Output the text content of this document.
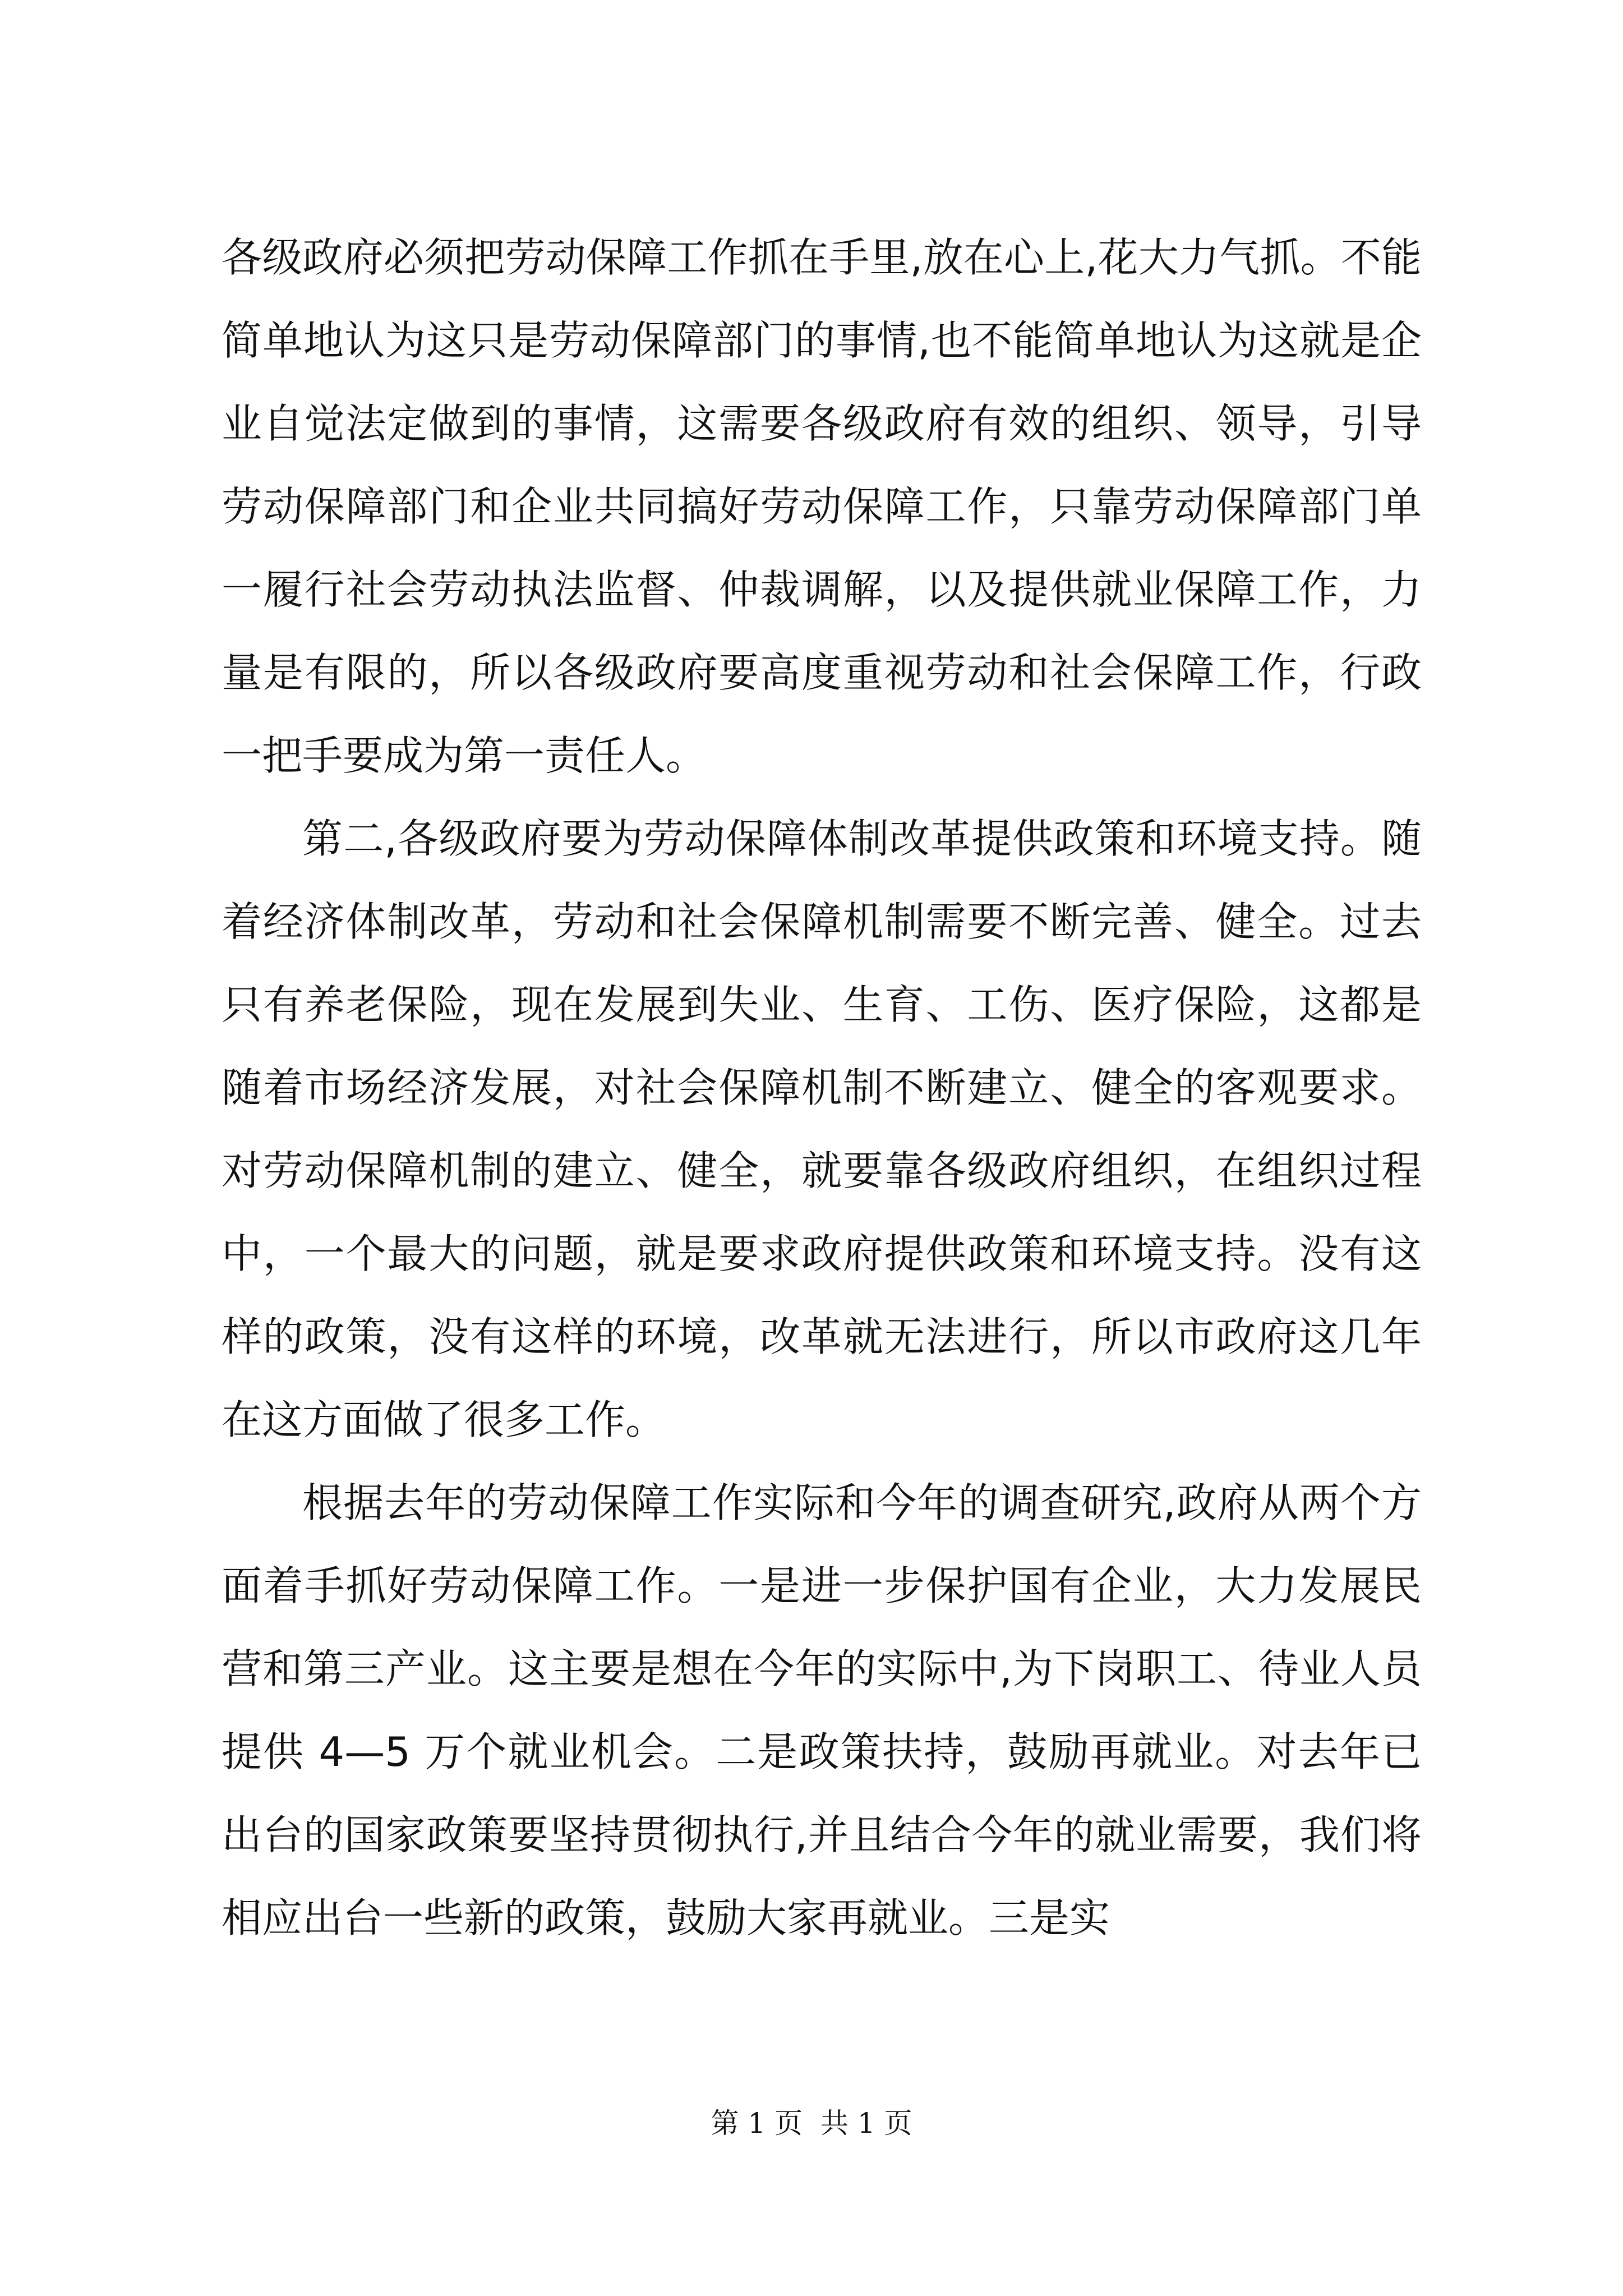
各级政府必须把劳动保障工作抓在手里,放在心上,花大力气抓。不能简单地认为这只是劳动保障部门的事情,也不能简单地认为这就是企业自觉法定做到的事情，这需要各级政府有效的组织、领导，引导劳动保障部门和企业共同搞好劳动保障工作，只靠劳动保障部门单一履行社会劳动执法监督、仲裁调解，以及提供就业保障工作，力量是有限的，所以各级政府要高度重视劳动和社会保障工作，行政一把手要成为第一责任人。

第二,各级政府要为劳动保障体制改革提供政策和环境支持。随着经济体制改革，劳动和社会保障机制需要不断完善、健全。过去只有养老保险，现在发展到失业、生育、工伤、医疗保险，这都是随着市场经济发展，对社会保障机制不断建立、健全的客观要求。对劳动保障机制的建立、健全，就要靠各级政府组织，在组织过程中，一个最大的问题，就是要求政府提供政策和环境支持。没有这样的政策，没有这样的环境，改革就无法进行，所以市政府这几年在这方面做了很多工作。

根据去年的劳动保障工作实际和今年的调查研究,政府从两个方面着手抓好劳动保障工作。一是进一步保护国有企业，大力发展民营和第三产业。这主要是想在今年的实际中,为下岗职工、待业人员提供 4—5 万个就业机会。二是政策扶持，鼓励再就业。对去年已出台的国家政策要坚持贯彻执行,并且结合今年的就业需要，我们将相应出台一些新的政策，鼓励大家再就业。三是实

第 1 页  共 1 页
